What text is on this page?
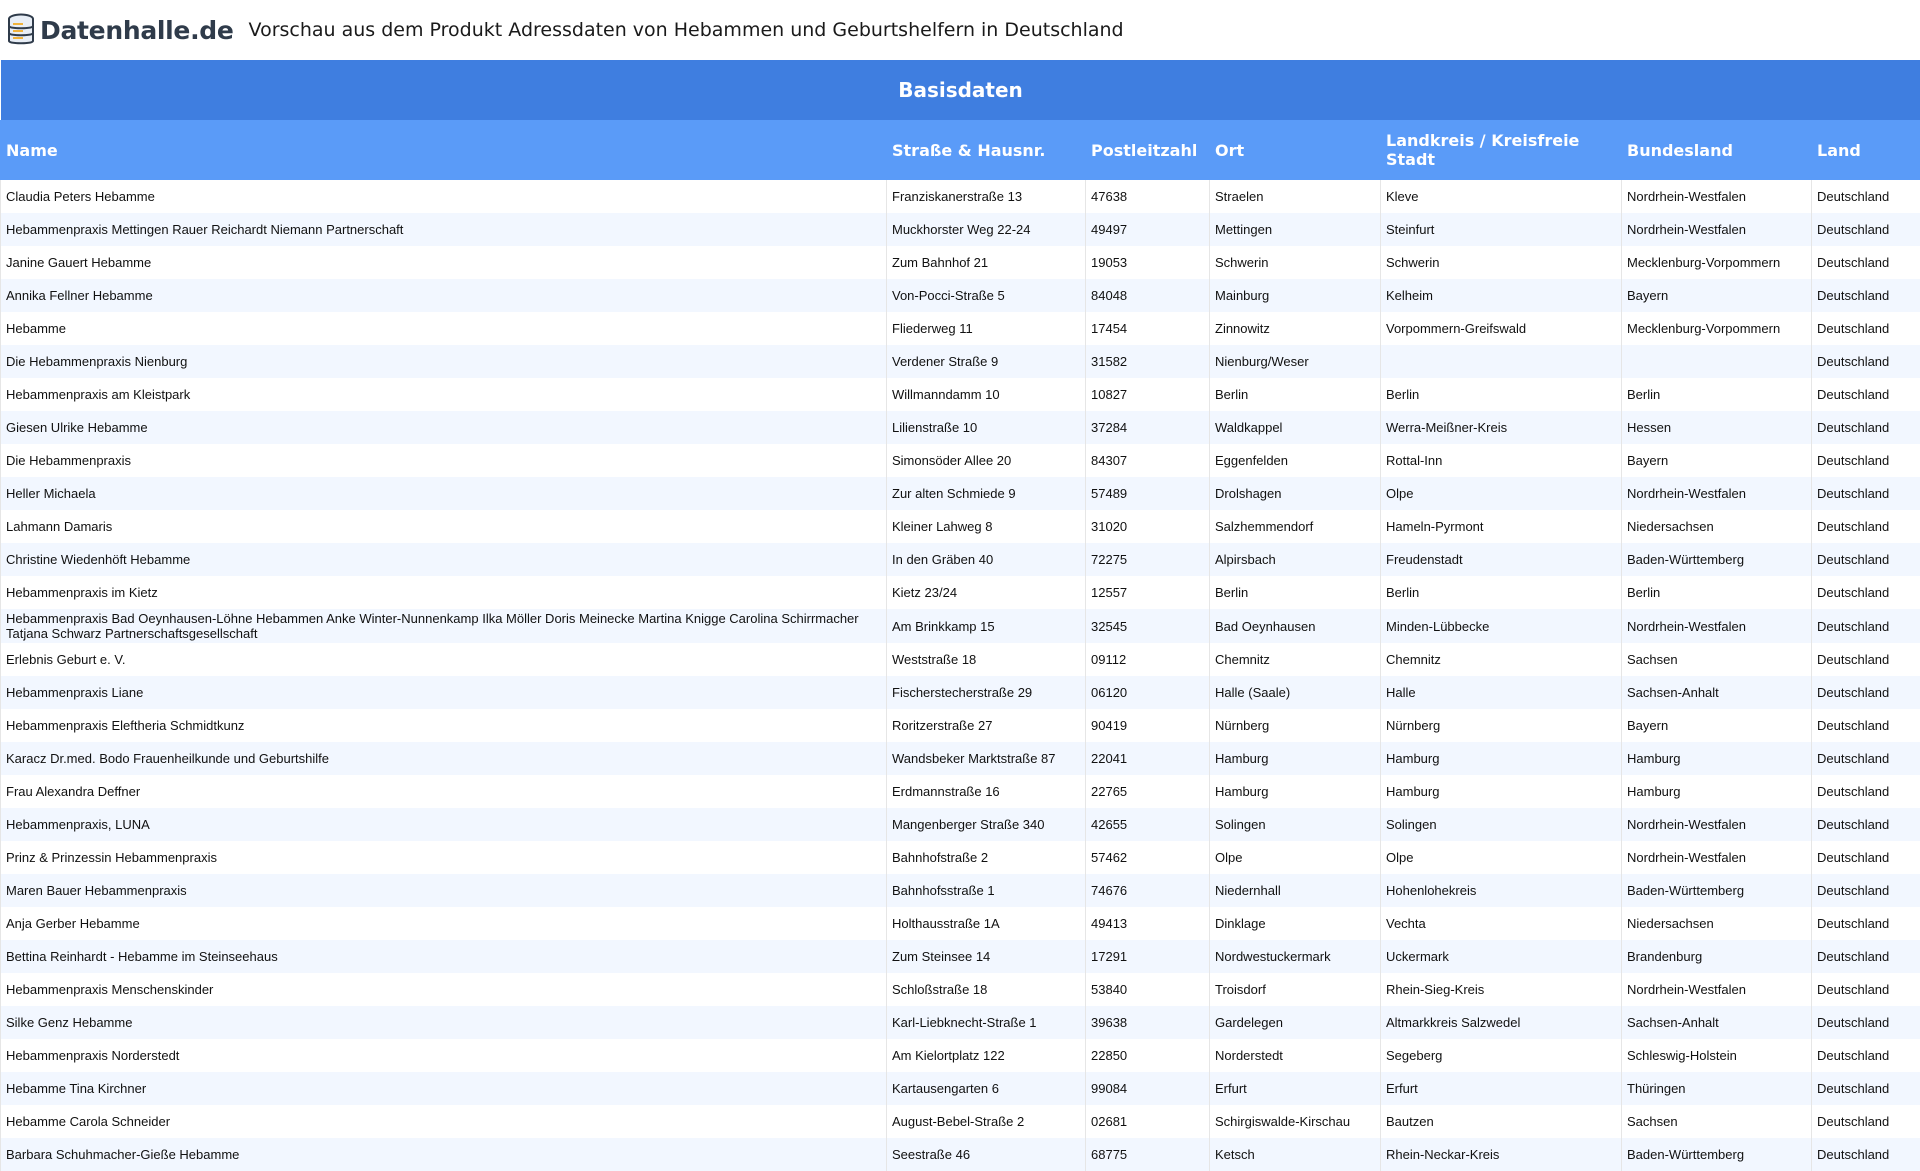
Datenhalle.de Vorschau aus dem Produkt Adressdaten von Hebammen und Geburtshelfern in Deutschland
Basisdaten						
Name	Straße & Hausnr.	Postleitzahl	Ort	Landkreis / Kreisfreie Stadt	Bundesland	Land
Claudia Peters Hebamme	Franziskanerstraße 13	47638	Straelen	Kleve	Nordrhein-Westfalen	Deutschland
Hebammenpraxis Mettingen Rauer Reichardt Niemann Partnerschaft	Muckhorster Weg 22-24	49497	Mettingen	Steinfurt	Nordrhein-Westfalen	Deutschland
Janine Gauert Hebamme	Zum Bahnhof 21	19053	Schwerin	Schwerin	Mecklenburg-Vorpommern	Deutschland
Annika Fellner Hebamme	Von-Pocci-Straße 5	84048	Mainburg	Kelheim	Bayern	Deutschland
Hebamme	Fliederweg 11	17454	Zinnowitz	Vorpommern-Greifswald	Mecklenburg-Vorpommern	Deutschland
Die Hebammenpraxis Nienburg	Verdener Straße 9	31582	Nienburg/Weser			Deutschland
Hebammenpraxis am Kleistpark	Willmanndamm 10	10827	Berlin	Berlin	Berlin	Deutschland
Giesen Ulrike Hebamme	Lilienstraße 10	37284	Waldkappel	Werra-Meißner-Kreis	Hessen	Deutschland
Die Hebammenpraxis	Simonsöder Allee 20	84307	Eggenfelden	Rottal-Inn	Bayern	Deutschland
Heller Michaela	Zur alten Schmiede 9	57489	Drolshagen	Olpe	Nordrhein-Westfalen	Deutschland
Lahmann Damaris	Kleiner Lahweg 8	31020	Salzhemmendorf	Hameln-Pyrmont	Niedersachsen	Deutschland
Christine Wiedenhöft Hebamme	In den Gräben 40	72275	Alpirsbach	Freudenstadt	Baden-Württemberg	Deutschland
Hebammenpraxis im Kietz	Kietz 23/24	12557	Berlin	Berlin	Berlin	Deutschland
Hebammenpraxis Bad Oeynhausen-Löhne Hebammen Anke Winter-Nunnenkamp Ilka Möller Doris Meinecke Martina Knigge Carolina Schirrmacher Tatjana Schwarz Partnerschaftsgesellschaft	Am Brinkkamp 15	32545	Bad Oeynhausen	Minden-Lübbecke	Nordrhein-Westfalen	Deutschland
Erlebnis Geburt e. V.	Weststraße 18	09112	Chemnitz	Chemnitz	Sachsen	Deutschland
Hebammenpraxis Liane	Fischerstecherstraße 29	06120	Halle (Saale)	Halle	Sachsen-Anhalt	Deutschland
Hebammenpraxis Eleftheria Schmidtkunz	Roritzerstraße 27	90419	Nürnberg	Nürnberg	Bayern	Deutschland
Karacz Dr.med. Bodo Frauenheilkunde und Geburtshilfe	Wandsbeker Marktstraße 87	22041	Hamburg	Hamburg	Hamburg	Deutschland
Frau Alexandra Deffner	Erdmannstraße 16	22765	Hamburg	Hamburg	Hamburg	Deutschland
Hebammenpraxis, LUNA	Mangenberger Straße 340	42655	Solingen	Solingen	Nordrhein-Westfalen	Deutschland
Prinz & Prinzessin Hebammenpraxis	Bahnhofstraße 2	57462	Olpe	Olpe	Nordrhein-Westfalen	Deutschland
Maren Bauer Hebammenpraxis	Bahnhofsstraße 1	74676	Niedernhall	Hohenlohekreis	Baden-Württemberg	Deutschland
Anja Gerber Hebamme	Holthausstraße 1A	49413	Dinklage	Vechta	Niedersachsen	Deutschland
Bettina Reinhardt - Hebamme im Steinseehaus	Zum Steinsee 14	17291	Nordwestuckermark	Uckermark	Brandenburg	Deutschland
Hebammenpraxis Menschenskinder	Schloßstraße 18	53840	Troisdorf	Rhein-Sieg-Kreis	Nordrhein-Westfalen	Deutschland
Silke Genz Hebamme	Karl-Liebknecht-Straße 1	39638	Gardelegen	Altmarkkreis Salzwedel	Sachsen-Anhalt	Deutschland
Hebammenpraxis Norderstedt	Am Kielortplatz 122	22850	Norderstedt	Segeberg	Schleswig-Holstein	Deutschland
Hebamme Tina Kirchner	Kartausengarten 6	99084	Erfurt	Erfurt	Thüringen	Deutschland
Hebamme Carola Schneider	August-Bebel-Straße 2	02681	Schirgiswalde-Kirschau	Bautzen	Sachsen	Deutschland
Barbara Schuhmacher-Gieße Hebamme	Seestraße 46	68775	Ketsch	Rhein-Neckar-Kreis	Baden-Württemberg	Deutschland
